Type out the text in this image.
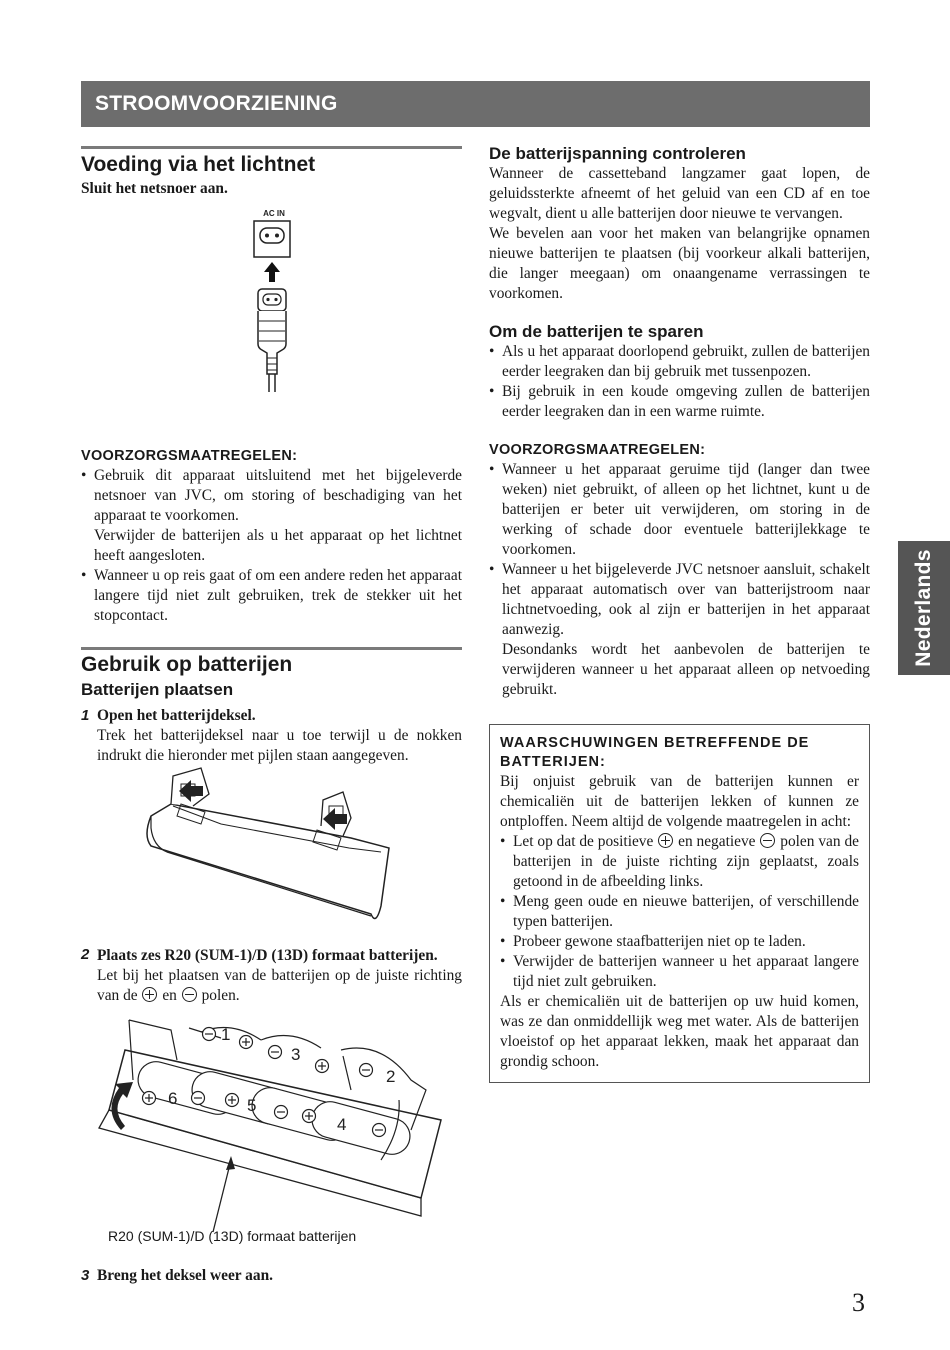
STROOMVOORZIENING
Voeding via het lichtnet

Sluit het netsnoer aan.

AC IN
VOORZORGSMAATREGELEN:
• Gebruik dit apparaat uitsluitend met het bijgeleverde netsnoer van JVC, om storing of beschadiging van het apparaat te voorkomen.
Verwijder de batterijen als u het apparaat op het lichtnet heeft aangesloten.
• Wanneer u op reis gaat of om een andere reden het apparaat langere tijd niet zult gebruiken, trek de stekker uit het stopcontact.
Gebruik op batterijen
Batterijen plaatsen
1 Open het batterijdeksel.

Trek het batterijdeksel naar u toe terwijl u de nokken indrukt die hieronder met pijlen staan aangegeven.

2 Plaats zes R20 (SUM-1)/D (13D) formaat batterijen.

Let bij het plaatsen van de batterijen op de juiste richting van de en polen.

1
3
2
6	5
4
R20 (SUM-1)/D (13D) formaat batterijen
3 Breng het deksel weer aan.
De batterijspanning controleren

Wanneer de cassetteband langzamer gaat lopen, de geluidssterkte afneemt of het geluid van een CD af en toe wegvalt, dient u alle batterijen door nieuwe te vervangen.

We bevelen aan voor het maken van belangrijke opnamen nieuwe batterijen te plaatsen (bij voorkeur alkali batterijen, die langer meegaan) om onaangename verrassingen te voorkomen.

Om de batterijen te sparen
• Als u het apparaat doorlopend gebruikt, zullen de batterijen eerder leegraken dan bij gebruik met tussenpozen.
• Bij gebruik in een koude omgeving zullen de batterijen eerder leegraken dan in een warme ruimte.
VOORZORGSMAATREGELEN:
• Wanneer u het apparaat geruime tijd (langer dan twee weken) niet gebruikt, of alleen op het lichtnet, kunt u de batterijen er beter uit verwijderen, om storing in de werking of schade door eventuele batterijlekkage te voorkomen.
• Wanneer u het bijgeleverde JVC netsnoer aansluit, schakelt het apparaat automatisch over van batterijstroom naar lichtnetvoeding, ook al zijn er batterijen in het apparaat aanwezig.
Desondanks wordt het aanbevolen de batterijen te verwijderen wanneer u het apparaat alleen op netvoeding gebruikt.
WAARSCHUWINGEN BETREFFENDE DE BATTERIJEN:

Bij onjuist gebruik van de batterijen kunnen er chemicaliën uit de batterijen lekken of kunnen ze ontploffen. Neem altijd de volgende maatregelen in acht:

• Let op dat de positieve en negatieve polen van de batterijen in de juiste richting zijn geplaatst, zoals getoond in de afbeelding links.
• Meng geen oude en nieuwe batterijen, of verschillende typen batterijen.
• Probeer gewone staafbatterijen niet op te laden.
• Verwijder de batterijen wanneer u het apparaat langere tijd niet zult gebruiken.

Als er chemicaliën uit de batterijen op uw huid komen, was ze dan onmiddellijk weg met water. Als de batterijen vloeistof op het apparaat lekken, maak het apparaat dan grondig schoon.

Nederlands
3
